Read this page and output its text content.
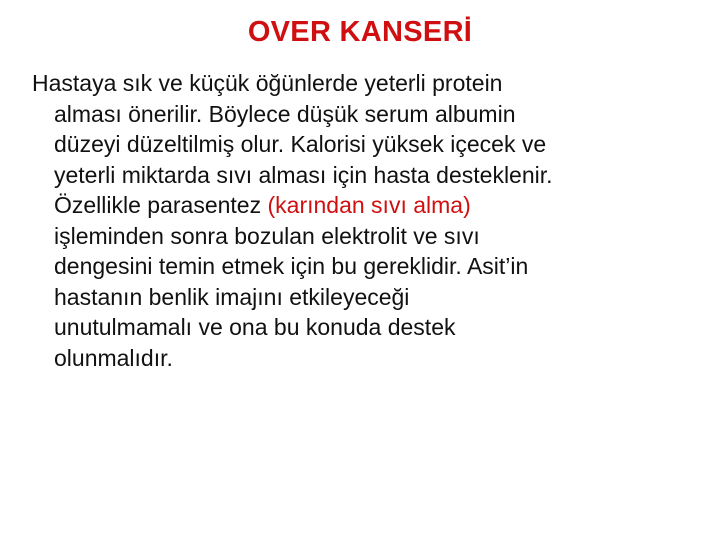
OVER KANSERİ
Hastaya sık ve küçük öğünlerde yeterli protein
alması önerilir. Böylece düşük serum albumin
düzeyi düzeltilmiş olur. Kalorisi yüksek içecek ve
yeterli miktarda sıvı alması için hasta desteklenir.
Özellikle parasentez (karından sıvı alma)
işleminden sonra bozulan elektrolit ve sıvı
dengesini temin etmek için bu gereklidir. Asit’in
hastanın benlik imajını etkileyeceği
unutulmamalı ve ona bu konuda destek
olunmalıdır.
